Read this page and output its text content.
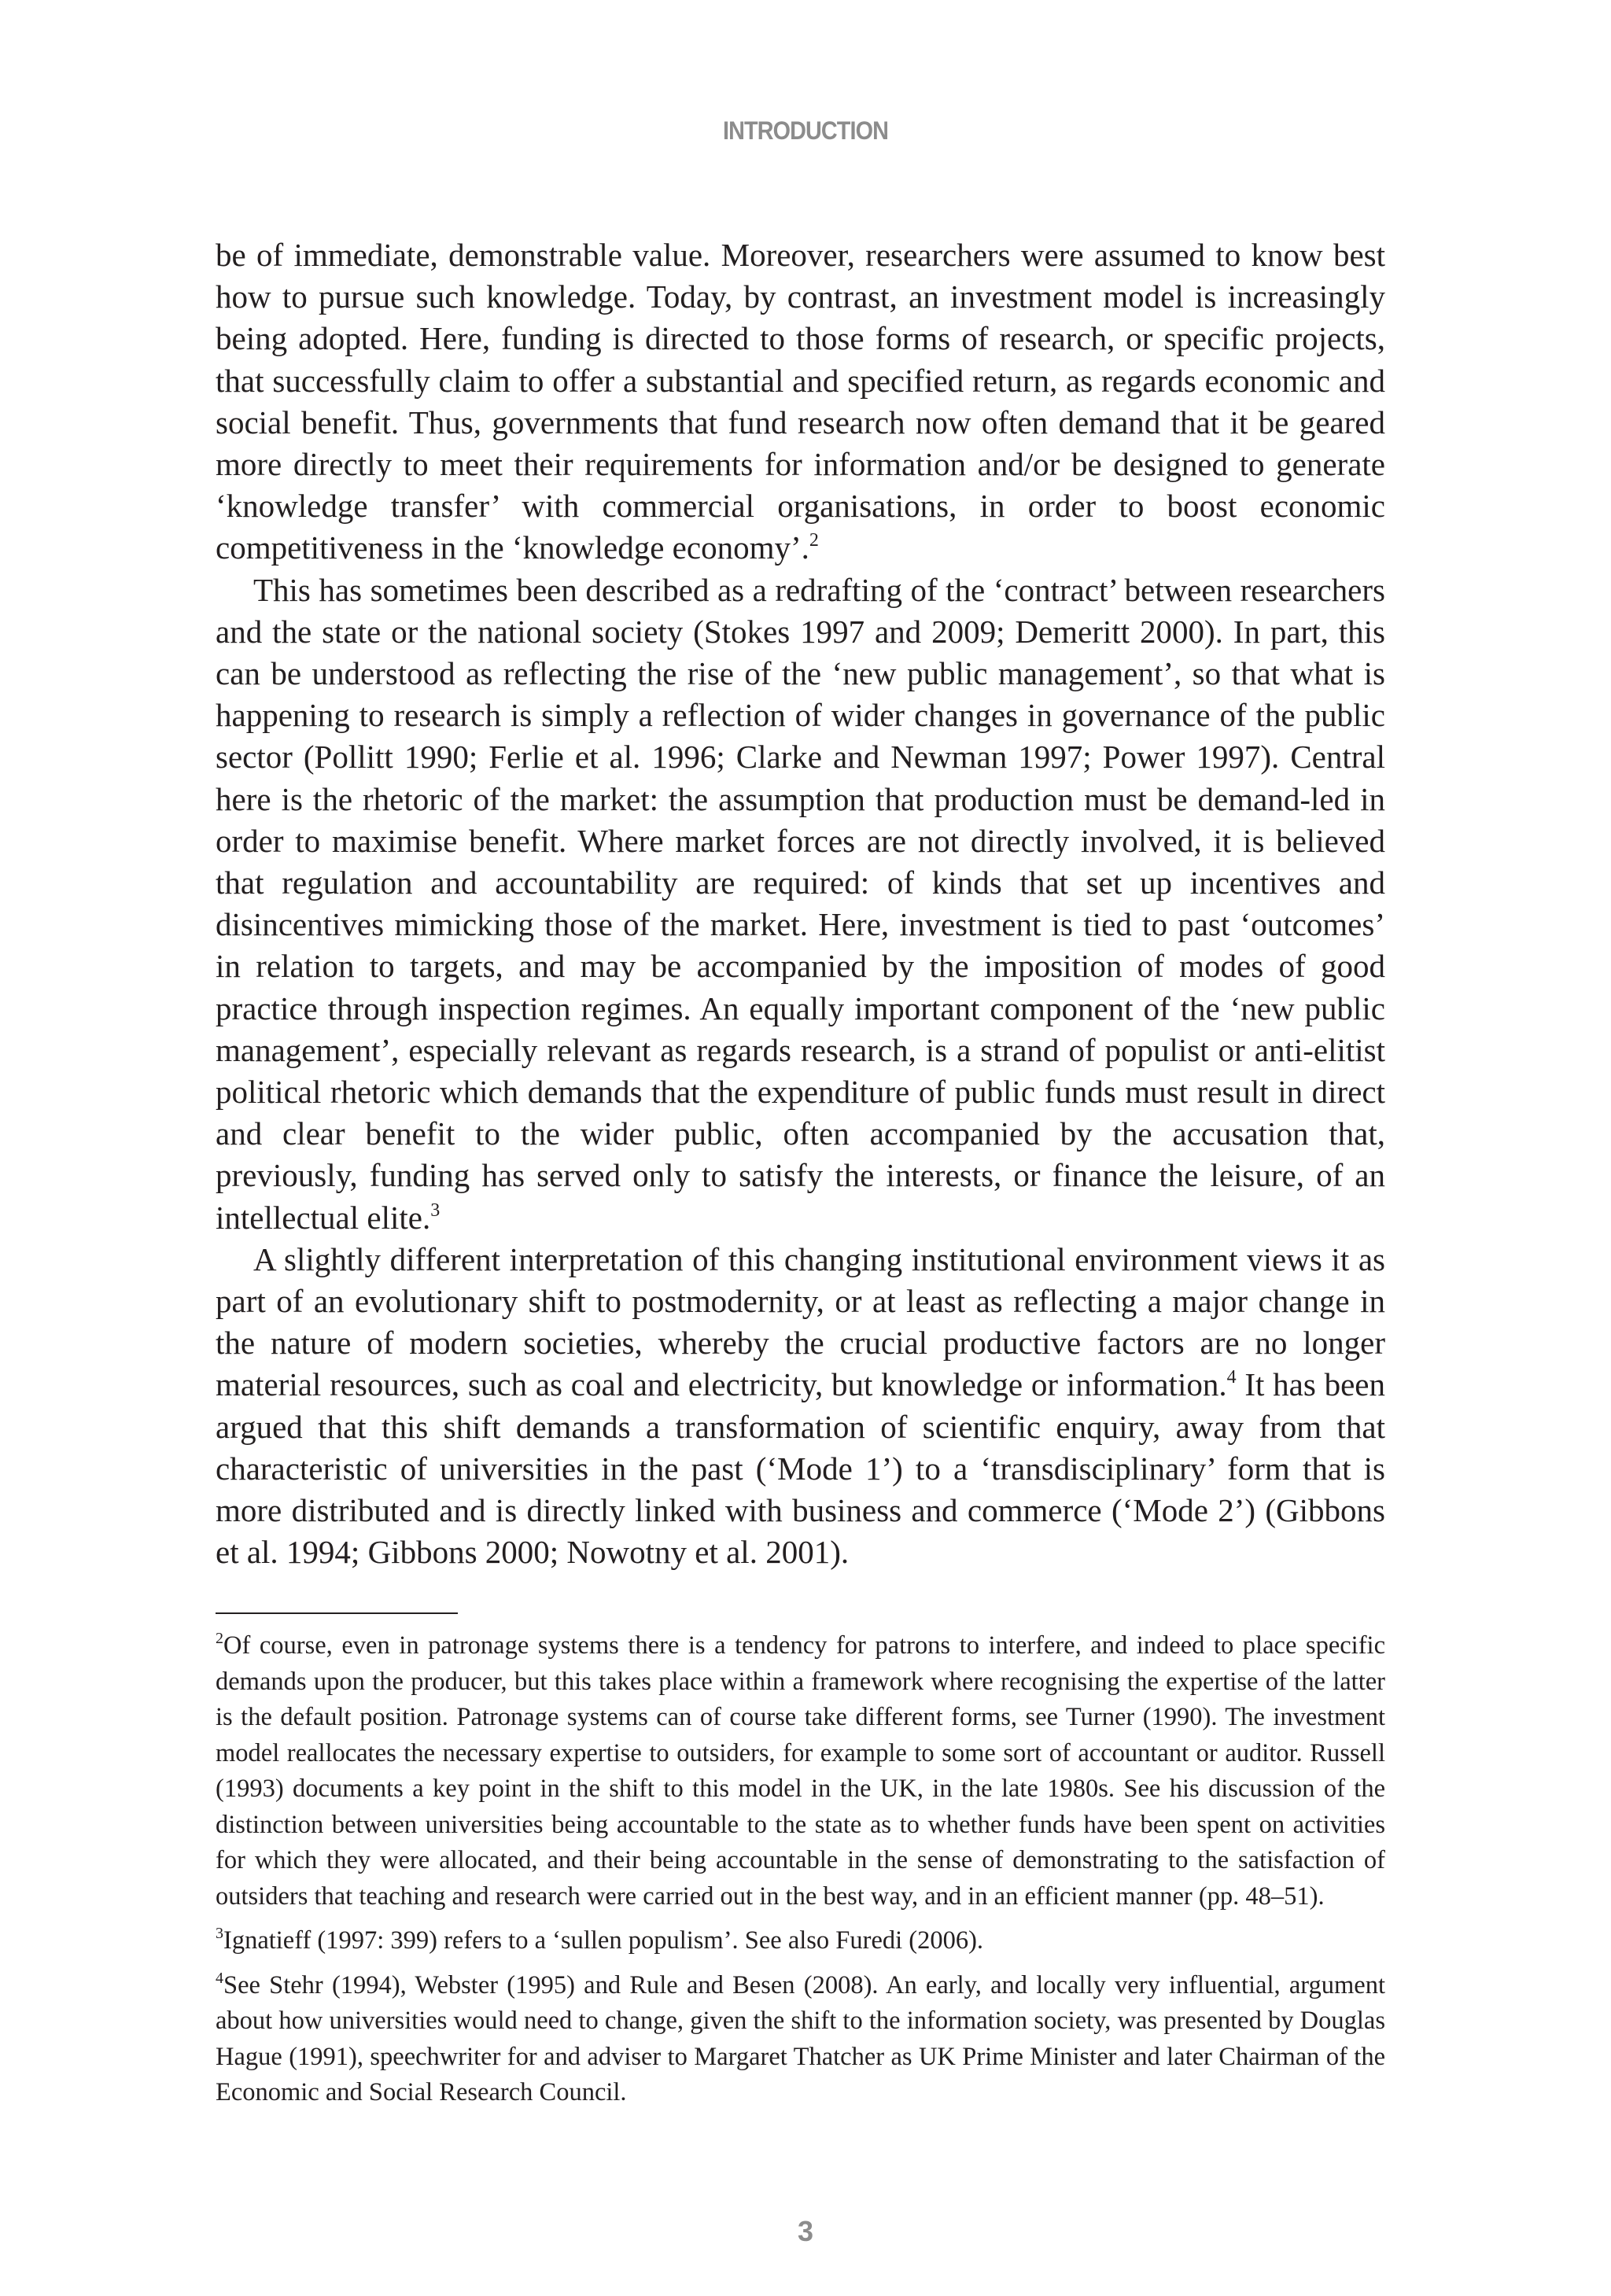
INTRODUCTION

be of immediate, demonstrable value. Moreover, researchers were assumed to know best how to pursue such knowledge. Today, by contrast, an investment model is increasingly being adopted. Here, funding is directed to those forms of research, or specific projects, that successfully claim to offer a substantial and specified return, as regards economic and social benefit. Thus, governments that fund research now often demand that it be geared more directly to meet their requirements for information and/or be designed to generate ‘knowledge transfer’ with commercial organisations, in order to boost economic competitiveness in the ‘knowledge economy’.$^2$

This has sometimes been described as a redrafting of the ‘contract’ between researchers and the state or the national society (Stokes 1997 and 2009; Demeritt 2000). In part, this can be understood as reflecting the rise of the ‘new public management’, so that what is happening to research is simply a reflection of wider changes in governance of the public sector (Pollitt 1990; Ferlie et al. 1996; Clarke and Newman 1997; Power 1997). Central here is the rhetoric of the market: the assumption that production must be demand-led in order to maximise benefit. Where market forces are not directly involved, it is believed that regulation and accountability are required: of kinds that set up incentives and disincentives mimicking those of the market. Here, investment is tied to past ‘outcomes’ in relation to targets, and may be accompanied by the imposition of modes of good practice through inspection regimes. An equally important component of the ‘new public management’, especially relevant as regards research, is a strand of populist or anti-elitist political rhetoric which demands that the expenditure of public funds must result in direct and clear benefit to the wider public, often accompanied by the accusation that, previously, funding has served only to satisfy the interests, or finance the leisure, of an intellectual elite.$^3$

A slightly different interpretation of this changing institutional environment views it as part of an evolutionary shift to postmodernity, or at least as reflecting a major change in the nature of modern societies, whereby the crucial productive factors are no longer material resources, such as coal and electricity, but knowledge or information.$^4$ It has been argued that this shift demands a transformation of scientific enquiry, away from that characteristic of universities in the past (‘Mode 1’) to a ‘transdisciplinary’ form that is more distributed and is directly linked with business and commerce (‘Mode 2’) (Gibbons et al. 1994; Gibbons 2000; Nowotny et al. 2001).

$^2$Of course, even in patronage systems there is a tendency for patrons to interfere, and indeed to place specific demands upon the producer, but this takes place within a framework where recognising the expertise of the latter is the default position. Patronage systems can of course take different forms, see Turner (1990). The investment model reallocates the necessary expertise to outsiders, for example to some sort of accountant or auditor. Russell (1993) documents a key point in the shift to this model in the UK, in the late 1980s. See his discussion of the distinction between universities being accountable to the state as to whether funds have been spent on activities for which they were allocated, and their being accountable in the sense of demonstrating to the satisfaction of outsiders that teaching and research were carried out in the best way, and in an efficient manner (pp. 48–51).

$^3$Ignatieff (1997: 399) refers to a ‘sullen populism’. See also Furedi (2006).

$^4$See Stehr (1994), Webster (1995) and Rule and Besen (2008). An early, and locally very influential, argument about how universities would need to change, given the shift to the information society, was presented by Douglas Hague (1991), speechwriter for and adviser to Margaret Thatcher as UK Prime Minister and later Chairman of the Economic and Social Research Council.

3
